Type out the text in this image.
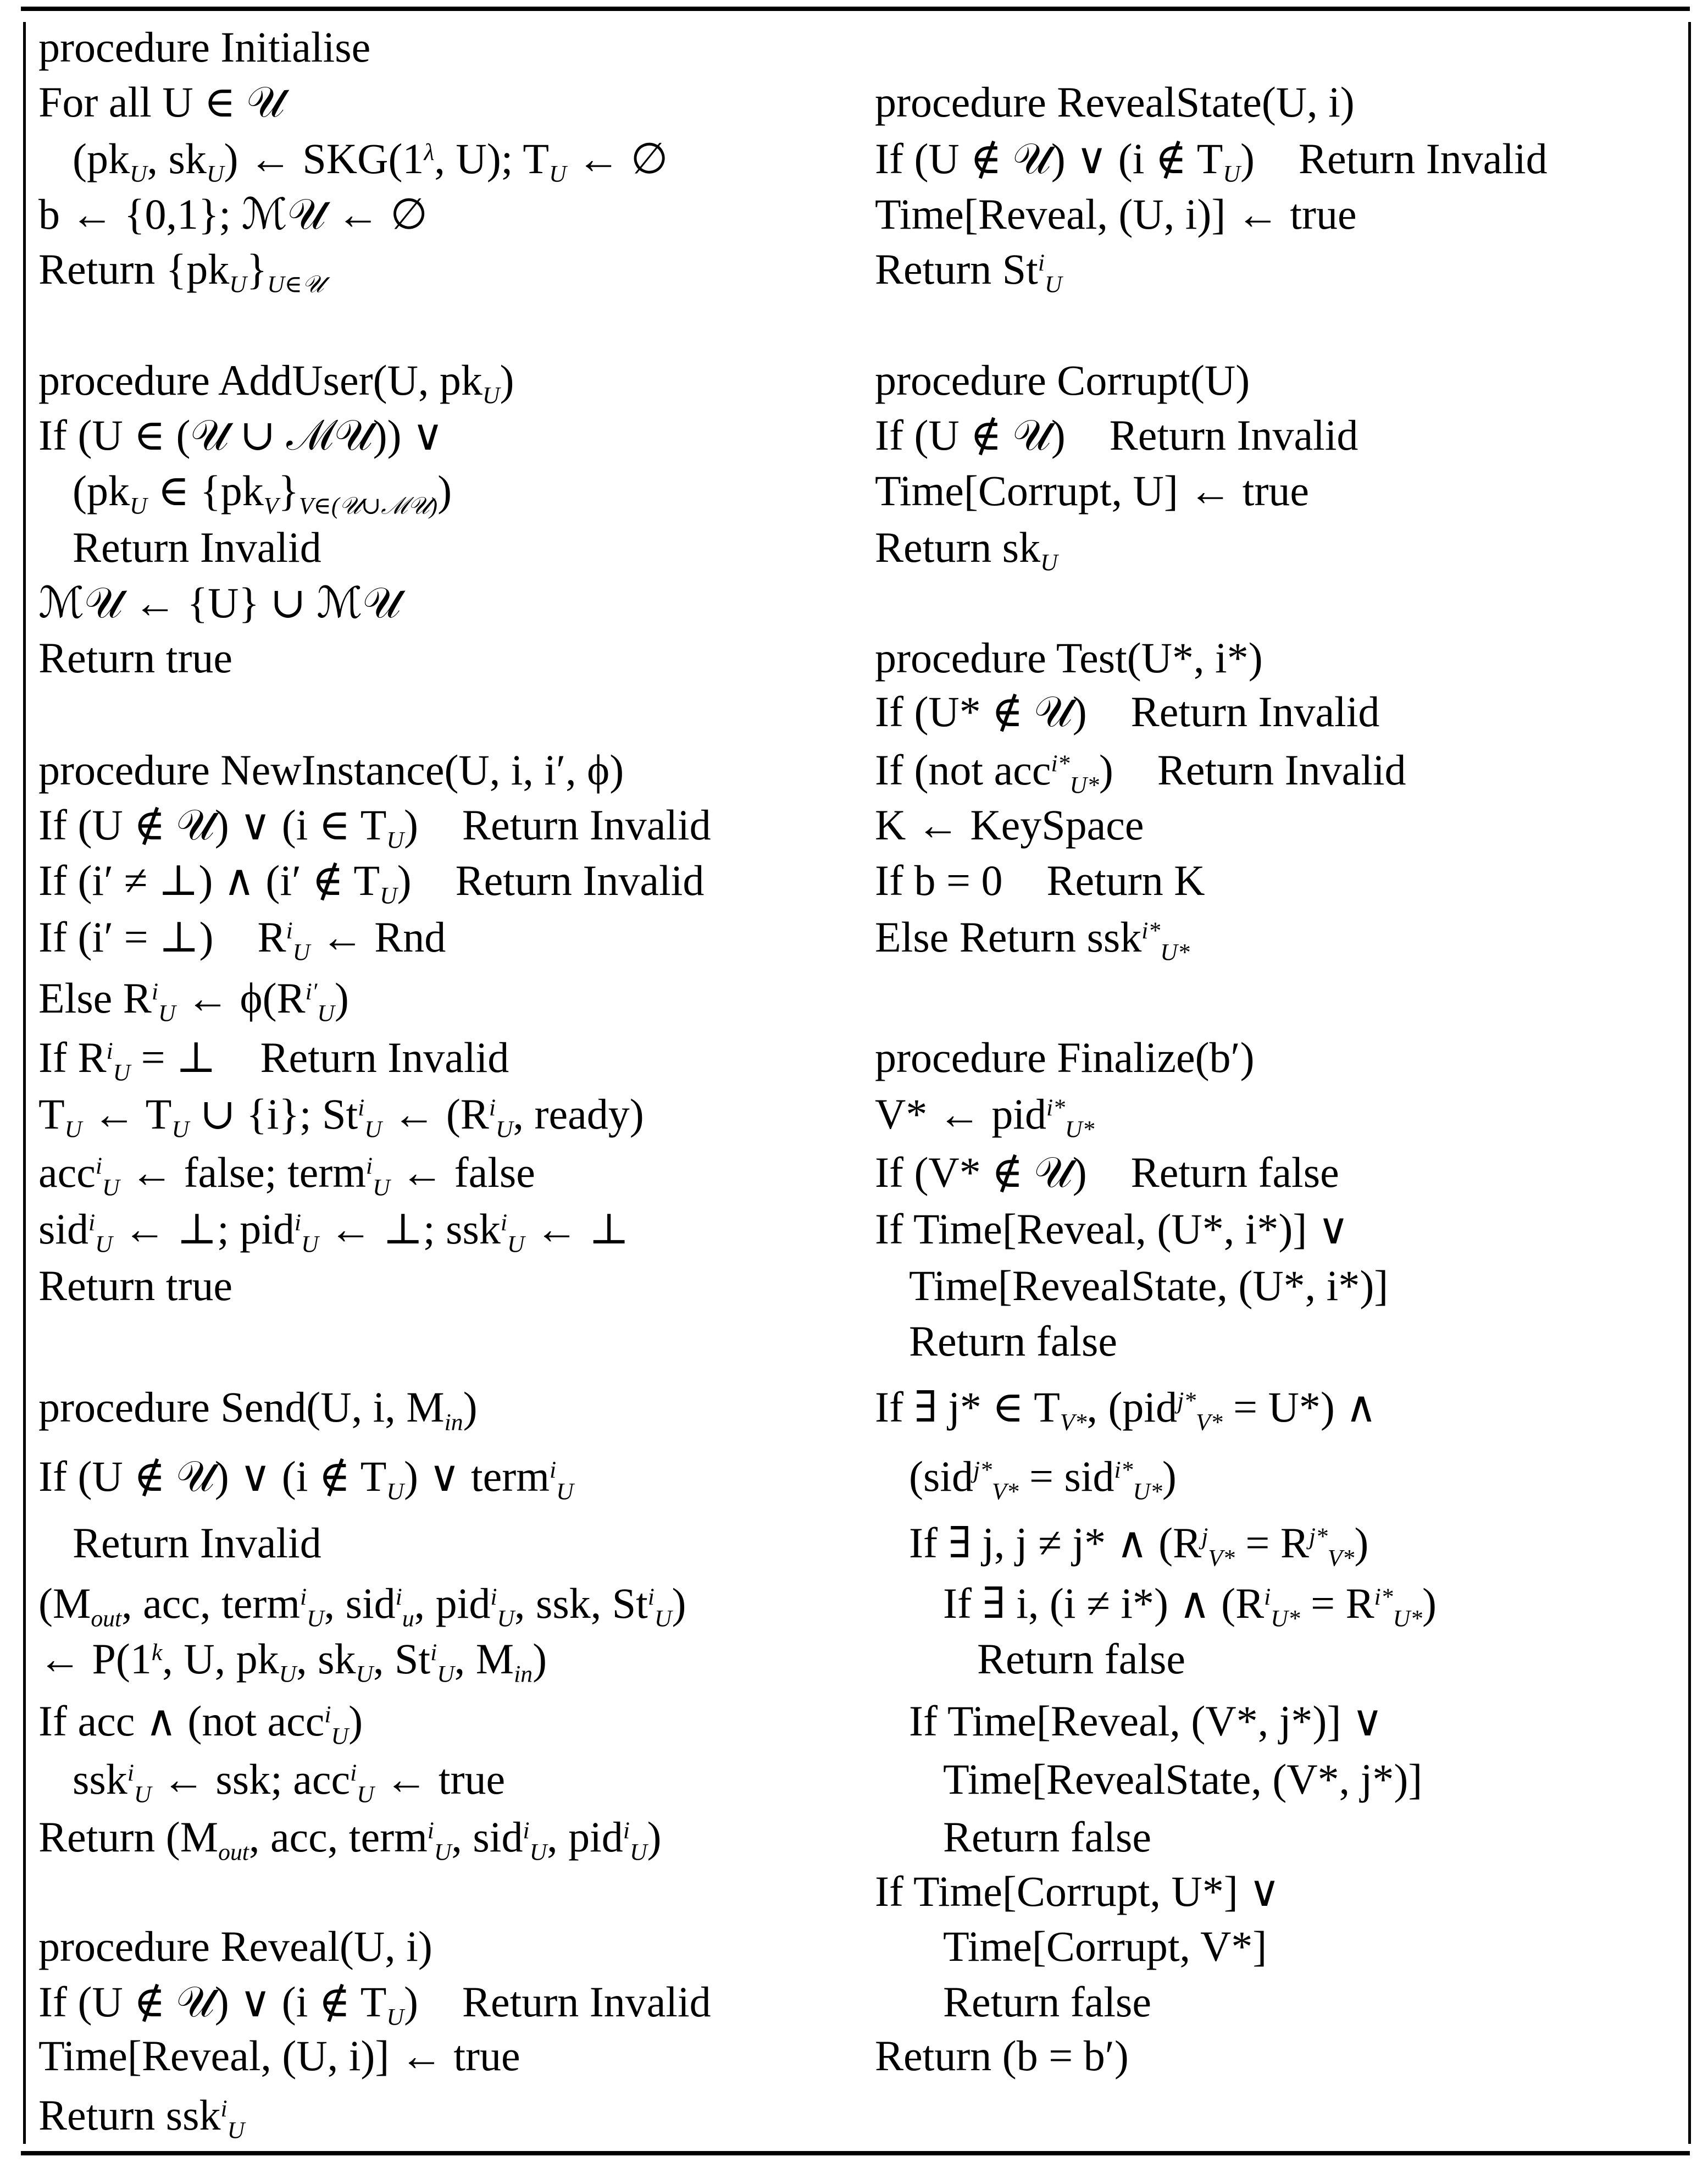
procedure Initialise
For all U ∈ 𝒰
($pk_U$, $sk_U$) ← $SKG(1^\lambda$, U); $T_U$ ← ∅
b ← {0,1}; ℳ𝒰 ← ∅
Return $\{pk_U\}_{U\in 𝒰}$
procedure AddUser(U, $pk_U$)
If (U ∈ (𝒰 ∪ ℳ𝒰)) ∨
($pk_U$ ∈ $\{pk_V\}_{V\in(𝒰\cup ℳ𝒰)}$)
Return Invalid
ℳ𝒰 ← {U} ∪ ℳ𝒰
Return true
procedure NewInstance(U, i, i′, ϕ)
If (U ∉ 𝒰) ∨ (i ∈ $T_U$) Return Invalid
If (i′ ≠ ⊥) ∧ (i′ ∉ $T_U$) Return Invalid
If (i′ = ⊥) $R^i_U$ ← Rnd
Else $R^i_U$ ← $\phi(R^{i'}_U)$
If $R^i_U$ = ⊥ Return Invalid
$T_U$ ← $T_U$ ∪ {i}; $St^i_U$ ← ($R^i_U$, ready)
acc$^i_U$ ← false; term$^i_U$ ← false
sid$^i_U$ ← ⊥; pid$^i_U$ ← ⊥; ssk$^i_U$ ← ⊥
Return true
procedure Send(U, i, $M_{in}$)
If (U ∉ 𝒰) ∨ (i ∉ $T_U$) ∨ term$^i_U$
Return Invalid
($M_{out}$, acc, term$^i_U$, sid$^i_u$, pid$^i_U$, ssk, $St^i_U$)
← P(1$^k$, U, $pk_U$, $sk_U$, $St^i_U$, $M_{in}$)
If acc ∧ (not acc$^i_U$)
ssk$^i_U$ ← ssk; acc$^i_U$ ← true
Return ($M_{out}$, acc, term$^i_U$, sid$^i_U$, pid$^i_U$)
procedure Reveal(U, i)
If (U ∉ 𝒰) ∨ (i ∉ $T_U$) Return Invalid
Time[Reveal, (U, i)] ← true
Return ssk$^i_U$
procedure RevealState(U, i)
If (U ∉ 𝒰) ∨ (i ∉ $T_U$) Return Invalid
Time[Reveal, (U, i)] ← true
Return $St^i_U$
procedure Corrupt(U)
If (U ∉ 𝒰) Return Invalid
Time[Corrupt, U] ← true
Return $sk_U$
procedure Test(U*, i*)
If (U* ∉ 𝒰) Return Invalid
If (not acc$^{i*}_{U*}$) Return Invalid
K ← KeySpace
If b = 0 Return K
Else Return ssk$^{i*}_{U*}$
procedure Finalize(b′)
V* ← pid$^{i*}_{U*}$
If (V* ∉ 𝒰) Return false
If Time[Reveal, (U*, i*)] ∨
Time[RevealState, (U*, i*)]
Return false
If ∃ j* ∈ $T_{V*}$, (pid$^{j*}_{V*}$ = U*) ∧
(sid$^{j*}_{V*}$ = sid$^{i*}_{U*}$)
If ∃ j, j ≠ j* ∧ $(R^j_{V*} = R^{j*}_{V*})$
If ∃ i, (i ≠ i*) ∧ $(R^i_{U*} = R^{i*}_{U*})$
Return false
If Time[Reveal, (V*, j*)] ∨
Time[RevealState, (V*, j*)]
Return false
If Time[Corrupt, U*] ∨
Time[Corrupt, V*]
Return false
Return (b = b′)
